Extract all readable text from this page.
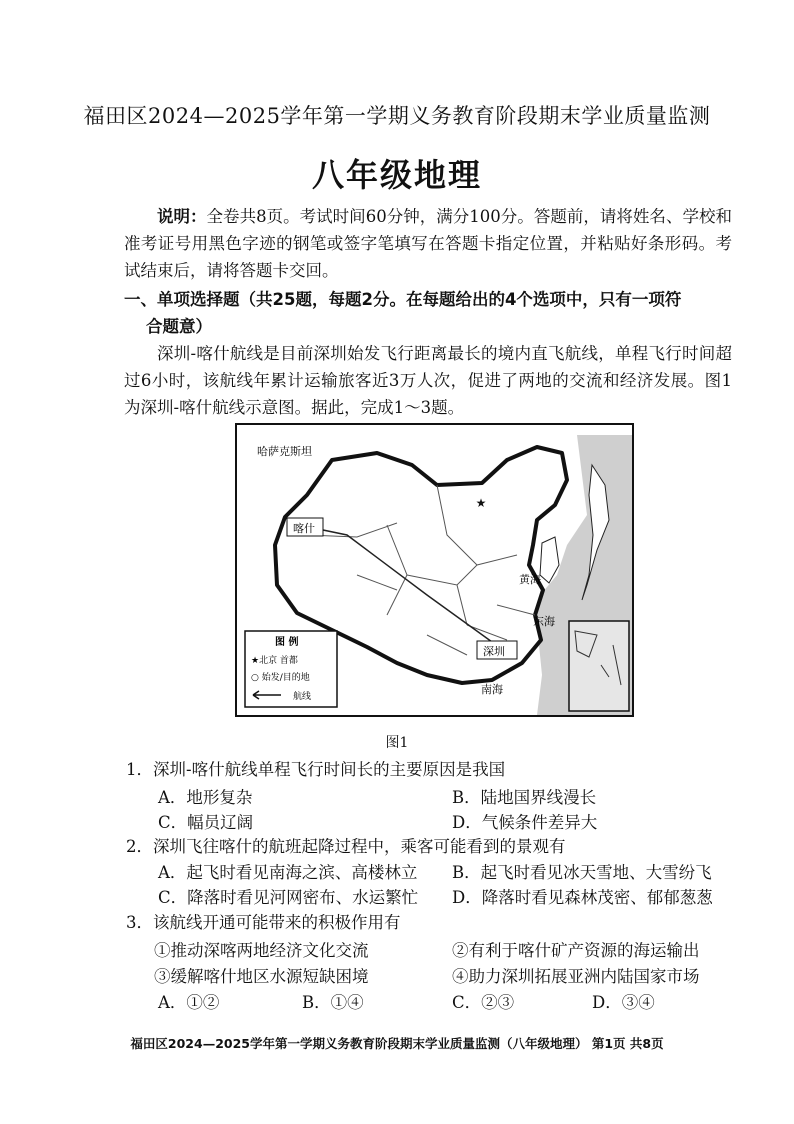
福田区2024—2025学年第一学期义务教育阶段期末学业质量监测
八年级地理
说明：全卷共8页。考试时间60分钟，满分100分。答题前，请将姓名、学校和准考证号用黑色字迹的钢笔或签字笔填写在答题卡指定位置，并粘贴好条形码。考试结束后，请将答题卡交回。
一、单项选择题（共25题，每题2分。在每题给出的4个选项中，只有一项符
合题意）
深圳-喀什航线是目前深圳始发飞行距离最长的境内直飞航线，单程飞行时间超过6小时，该航线年累计运输旅客近3万人次，促进了两地的交流和经济发展。图1为深圳-喀什航线示意图。据此，完成1～3题。
★
哈萨克斯坦
喀什
深圳
黄海
东海
南海
图 例
★北京 首都
○ 始发/目的地
航线
图1
1．深圳-喀什航线单程飞行时间长的主要原因是我国
A．地形复杂	B．陆地国界线漫长
C．幅员辽阔	D．气候条件差异大
2．深圳飞往喀什的航班起降过程中，乘客可能看到的景观有
A．起飞时看见南海之滨、高楼林立 B．起飞时看见冰天雪地、大雪纷飞
C．降落时看见河网密布、水运繁忙 D．降落时看见森林茂密、郁郁葱葱
3．该航线开通可能带来的积极作用有
①推动深喀两地经济文化交流	②有利于喀什矿产资源的海运输出
③缓解喀什地区水源短缺困境	④助力深圳拓展亚洲内陆国家市场
A．①②	B．①④	C．②③	D．③④
福田区2024—2025学年第一学期义务教育阶段期末学业质量监测（八年级地理） 第1页 共8页
